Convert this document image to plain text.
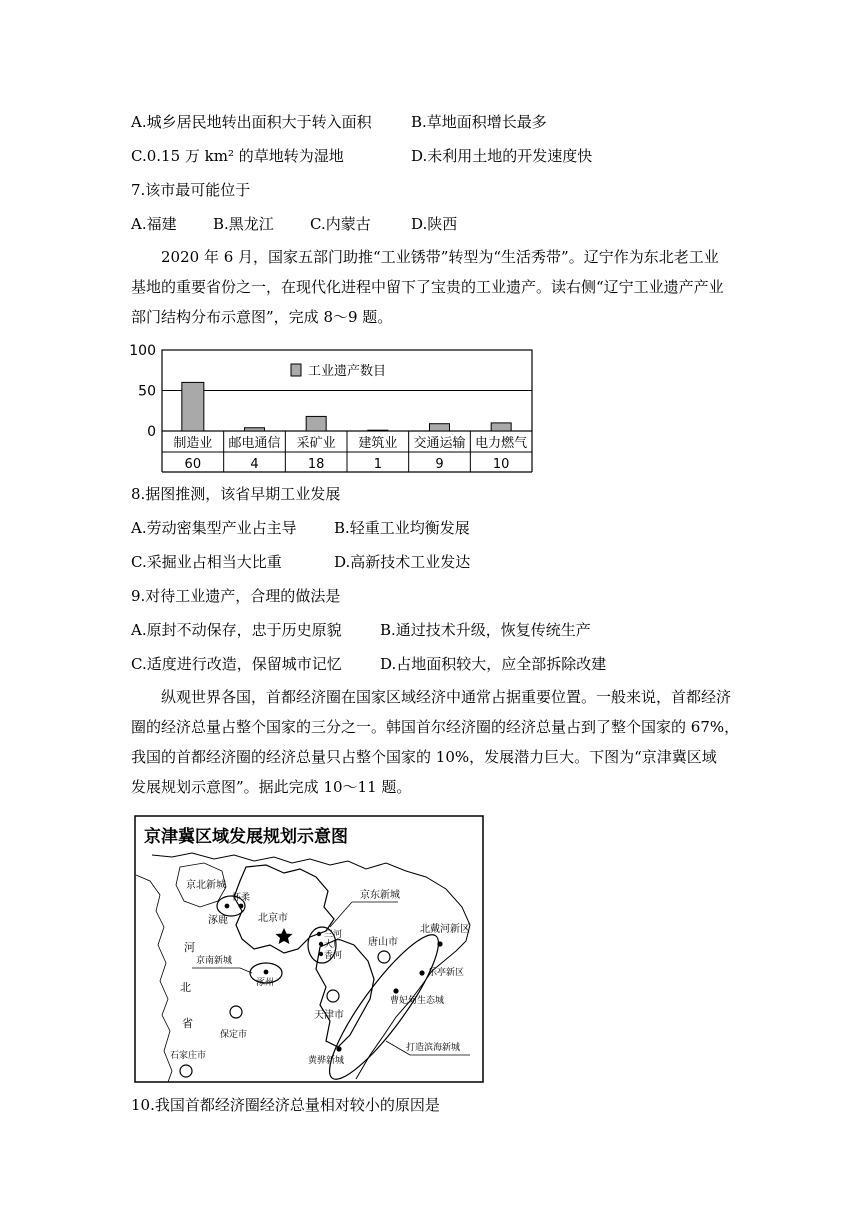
A.城乡居民地转出面积大于转入面积	B.草地面积增长最多
C.0.15 万 km² 的草地转为湿地	D.未利用土地的开发速度快
7.该市最可能位于
A.福建 B.黑龙江 C.内蒙古	D.陕西

2020 年 6 月，国家五部门助推“工业锈带”转型为“生活秀带”。辽宁作为东北老工业

基地的重要省份之一，在现代化进程中留下了宝贵的工业遗产。读右侧“辽宁工业遗产产业

部门结构分布示意图”，完成 8～9 题。

0
50
100
工业遗产数目
制造业
60
邮电通信
4
采矿业
18
建筑业
1
交通运输
9
电力燃气
10
8.据图推测，该省早期工业发展
A.劳动密集型产业占主导 B.轻重工业均衡发展
C.采掘业占相当大比重	D.高新技术工业发达
9.对待工业遗产，合理的做法是
A.原封不动保存，忠于历史原貌	B.通过技术升级，恢复传统生产
C.适度进行改造，保留城市记忆	D.占地面积较大，应全部拆除改建

纵观世界各国，首都经济圈在国家区域经济中通常占据重要位置。一般来说，首都经济

圈的经济总量占整个国家的三分之一。韩国首尔经济圈的经济总量占到了整个国家的 67%，

我国的首都经济圈的经济总量只占整个国家的 10%，发展潜力巨大。下图为“京津冀区域

发展规划示意图”。据此完成 10～11 题。

京津冀区域发展规划示意图
京北新城
怀柔
涿鹿	北京市
京东新城
三河
大厂
香河
唐山市
北戴河新区
乐亭新区
曹妃甸生态城
天津市
打造滨海新城
黄骅新城
京南新城
涿州
河
北
省
保定市
石家庄市
10.我国首都经济圈经济总量相对较小的原因是
